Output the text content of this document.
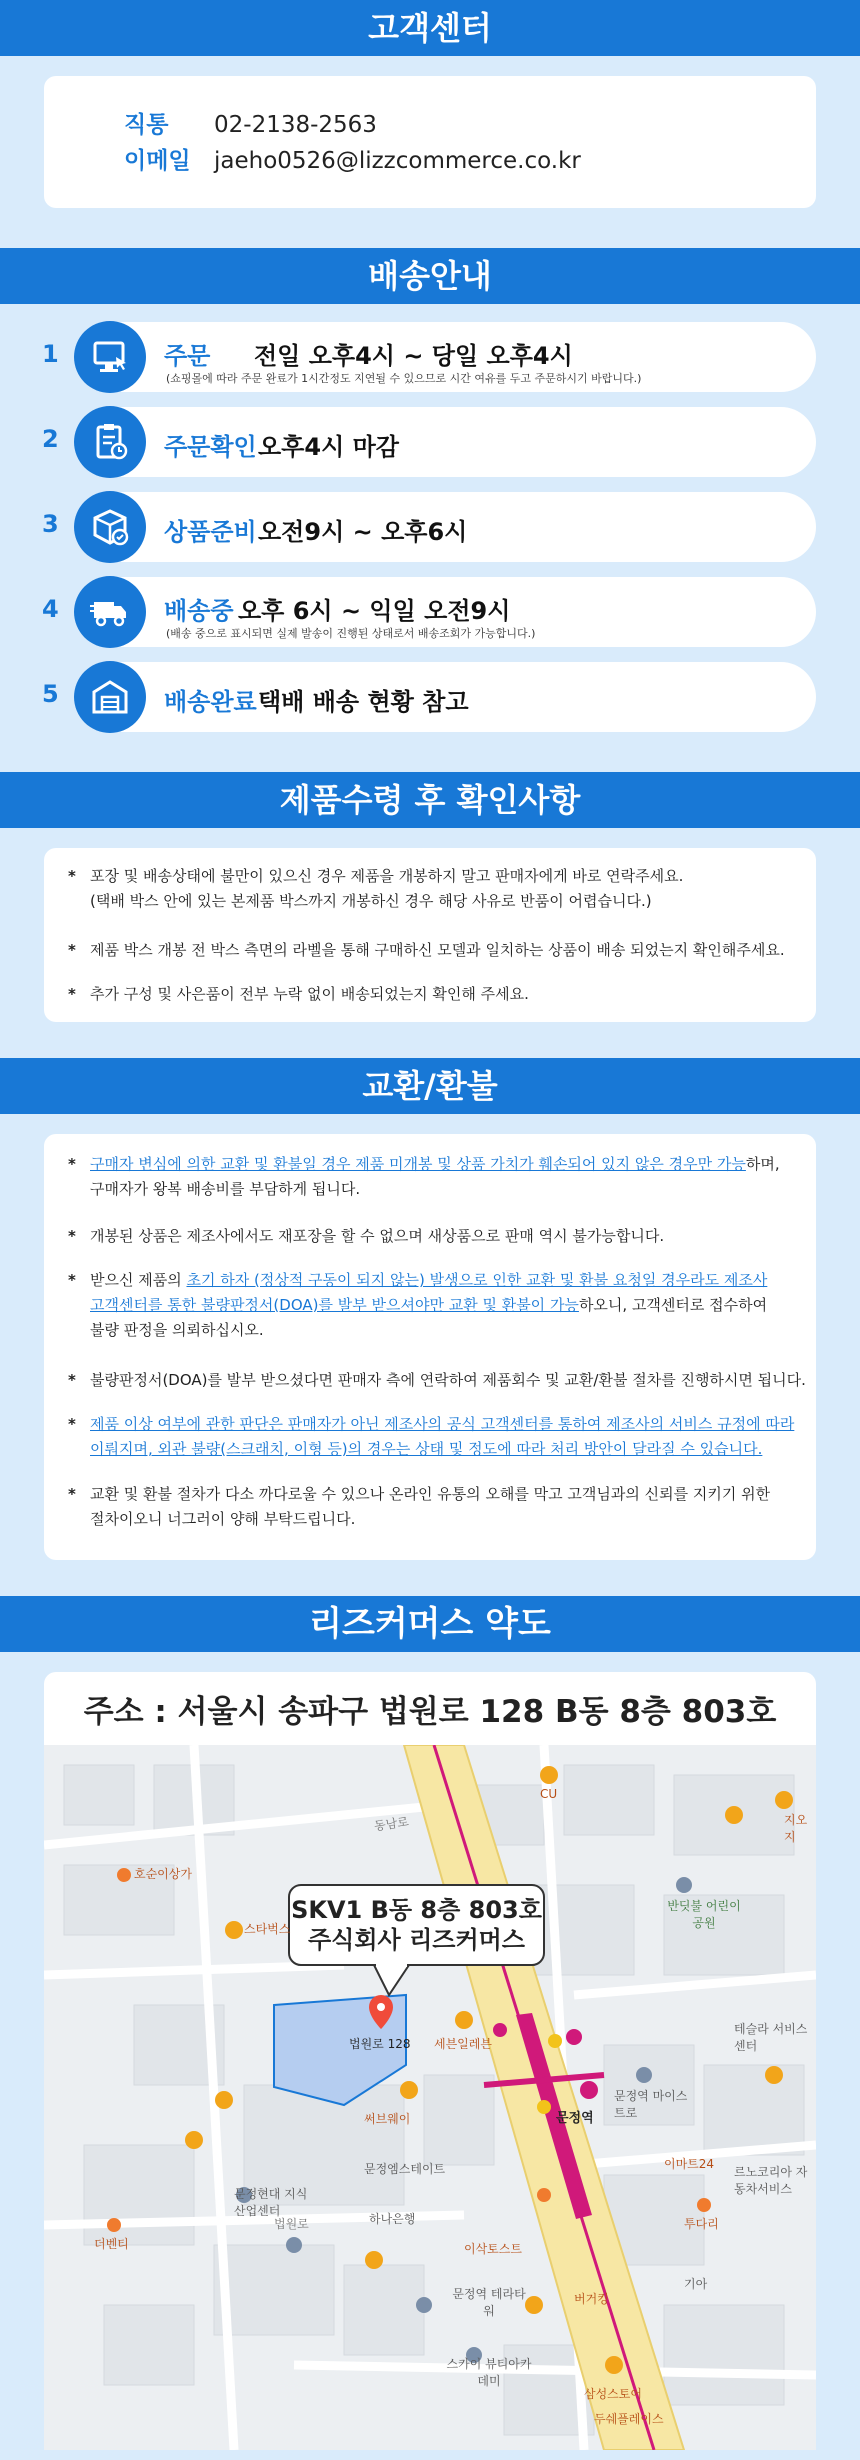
고객센터
직통 02-2138-2563
이메일 jaeho0526@lizzcommerce.co.kr
배송안내
1	주문 전일 오후4시 ~ 당일 오후4시
(쇼핑몰에 따라 주문 완료가 1시간정도 지연될 수 있으므로 시간 여유를 두고 주문하시기 바랍니다.)
2	주문확인 오후4시 마감
3	상품준비 오전9시 ~ 오후6시
4	배송중 오후 6시 ~ 익일 오전9시
(배송 중으로 표시되면 실제 발송이 진행된 상태로서 배송조회가 가능합니다.)
5	배송완료 택배 배송 현황 참고
제품수령 후 확인사항
* 포장 및 배송상태에 불만이 있으신 경우 제품을 개봉하지 말고 판매자에게 바로 연락주세요.
(택배 박스 안에 있는 본제품 박스까지 개봉하신 경우 해당 사유로 반품이 어렵습니다.)
* 제품 박스 개봉 전 박스 측면의 라벨을 통해 구매하신 모델과 일치하는 상품이 배송 되었는지 확인해주세요.
* 추가 구성 및 사은품이 전부 누락 없이 배송되었는지 확인해 주세요.
교환/환불
* 구매자 변심에 의한 교환 및 환불일 경우 제품 미개봉 및 상품 가치가 훼손되어 있지 않은 경우만 가능하며,
구매자가 왕복 배송비를 부담하게 됩니다.
* 개봉된 상품은 제조사에서도 재포장을 할 수 없으며 새상품으로 판매 역시 불가능합니다.
* 받으신 제품의 초기 하자 (정상적 구동이 되지 않는) 발생으로 인한 교환 및 환불 요청일 경우라도 제조사
고객센터를 통한 불량판정서(DOA)를 발부 받으셔야만 교환 및 환불이 가능하오니, 고객센터로 접수하여
불량 판정을 의뢰하십시오.
* 불량판정서(DOA)를 발부 받으셨다면 판매자 측에 연락하여 제품회수 및 교환/환불 절차를 진행하시면 됩니다.
* 제품 이상 여부에 관한 판단은 판매자가 아닌 제조사의 공식 고객센터를 통하여 제조사의 서비스 규정에 따라
이뤄지며, 외관 불량(스크래치, 이형 등)의 경우는 상태 및 정도에 따라 처리 방안이 달라질 수 있습니다.
* 교환 및 환불 절차가 다소 까다로울 수 있으나 온라인 유통의 오해를 막고 고객님과의 신뢰를 지키기 위한
절차이오니 너그러이 양해 부탁드립니다.
리즈커머스 약도
주소 : 서울시 송파구 법원로 128 B동 8층 803호
SKV1 B동 8층 803호
주식회사 리즈커머스
법원로 128
호순이상가
스타벅스
CU
지오지
반딧불 어린이공원
세븐일레븐
문정역 마이스트로
문정역
테슬라 서비스센터
이마트24
르노코리아 자동차서비스
투다리
써브웨이
문정엠스테이트
하나은행
이삭토스트
버거킹
스카이 뷰티아카데미
삼성스토어
두쉐플레이스
더벤티
문정현대 지식산업센터
기아
동남로
법원로
문정역 테라타워
